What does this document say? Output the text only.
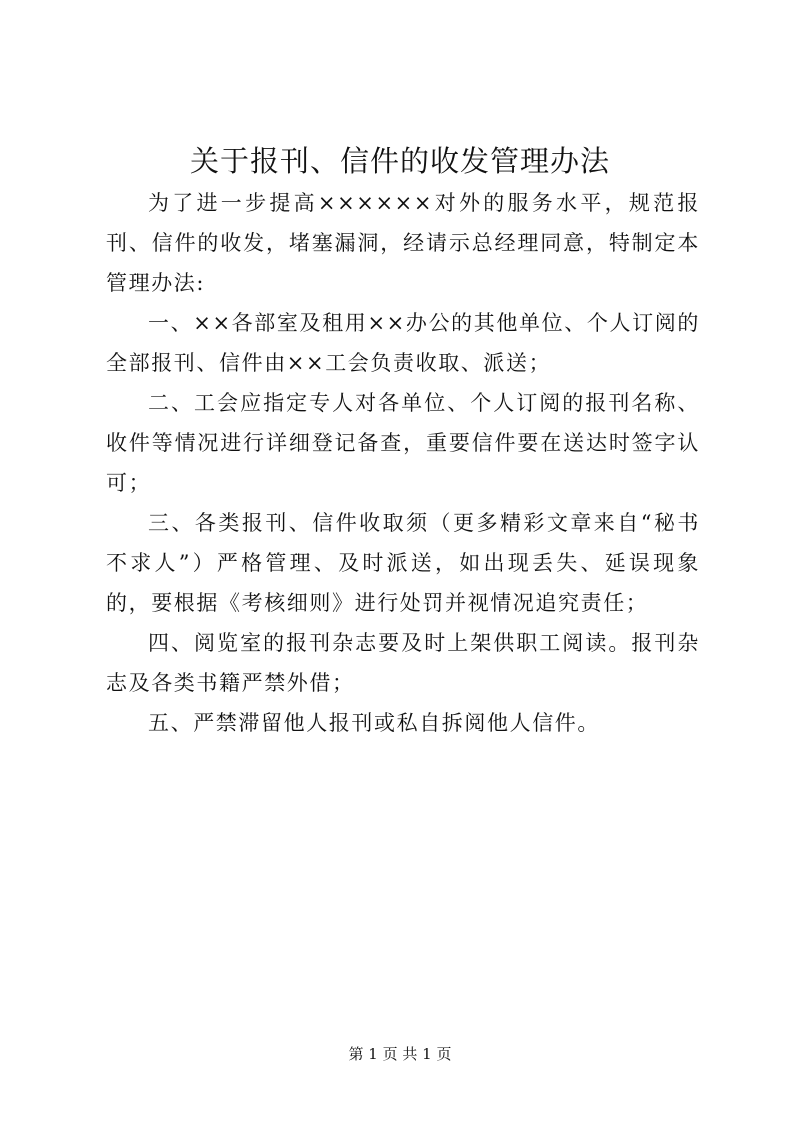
关于报刊、信件的收发管理办法

为了进一步提高××××××对外的服务水平，规范报刊、信件的收发，堵塞漏洞，经请示总经理同意，特制定本管理办法:

一、××各部室及租用××办公的其他单位、个人订阅的全部报刊、信件由××工会负责收取、派送；

二、工会应指定专人对各单位、个人订阅的报刊名称、收件等情况进行详细登记备查，重要信件要在送达时签字认可；

三、各类报刊、信件收取须（更多精彩文章来自“秘书不求人”）严格管理、及时派送，如出现丢失、延误现象的，要根据《考核细则》进行处罚并视情况追究责任；

四、阅览室的报刊杂志要及时上架供职工阅读。报刊杂志及各类书籍严禁外借；

五、严禁滞留他人报刊或私自拆阅他人信件。

第 1 页 共 1 页
